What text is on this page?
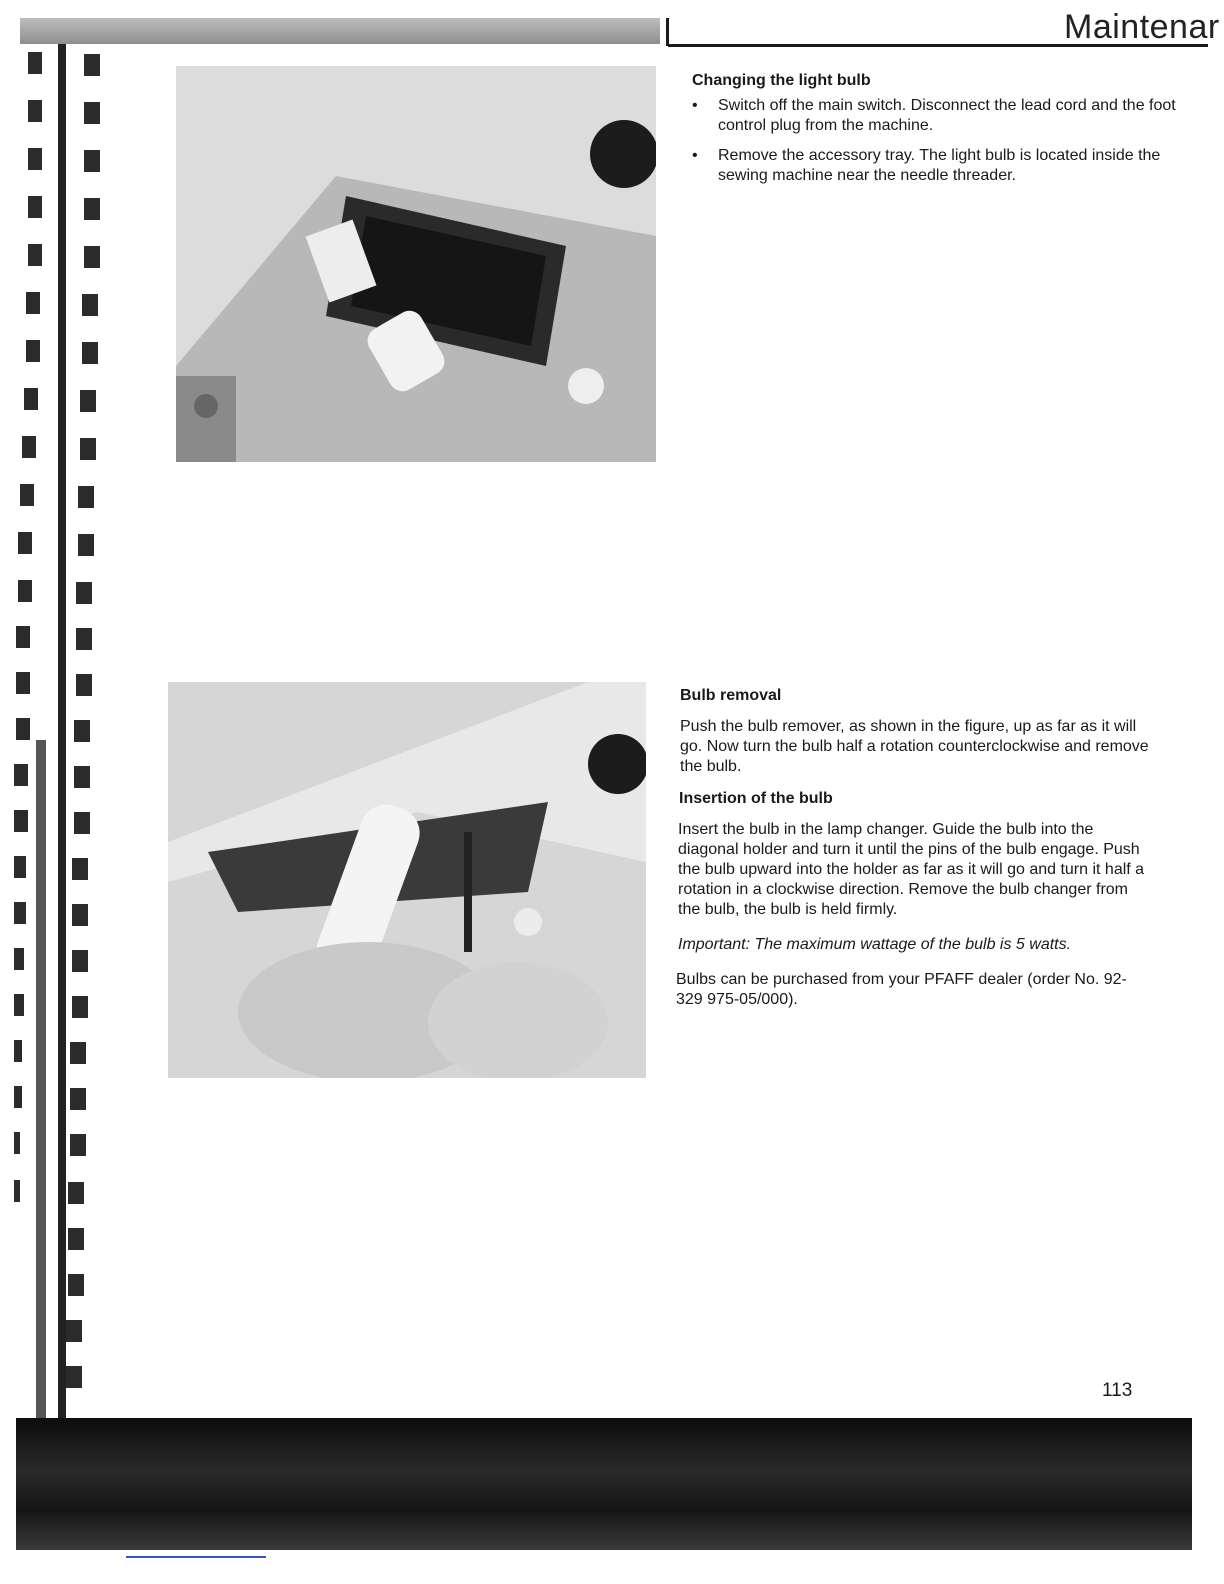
Maintenar
Changing the light bulb
• Switch off the main switch. Disconnect the lead cord and the foot control plug from the machine.
• Remove the accessory tray. The light bulb is located inside the sewing machine near the needle threader.
Bulb removal
Push the bulb remover, as shown in the figure, up as far as it will go. Now turn the bulb half a rotation counterclockwise and remove the bulb.
Insertion of the bulb
Insert the bulb in the lamp changer. Guide the bulb into the diagonal holder and turn it until the pins of the bulb engage. Push the bulb upward into the holder as far as it will go and turn it half a rotation in a clockwise direction. Remove the bulb changer from the bulb, the bulb is held firmly.
Important: The maximum wattage of the bulb is 5 watts.
Bulbs can be purchased from your PFAFF dealer (order No. 92-329 975-05/000).
113
